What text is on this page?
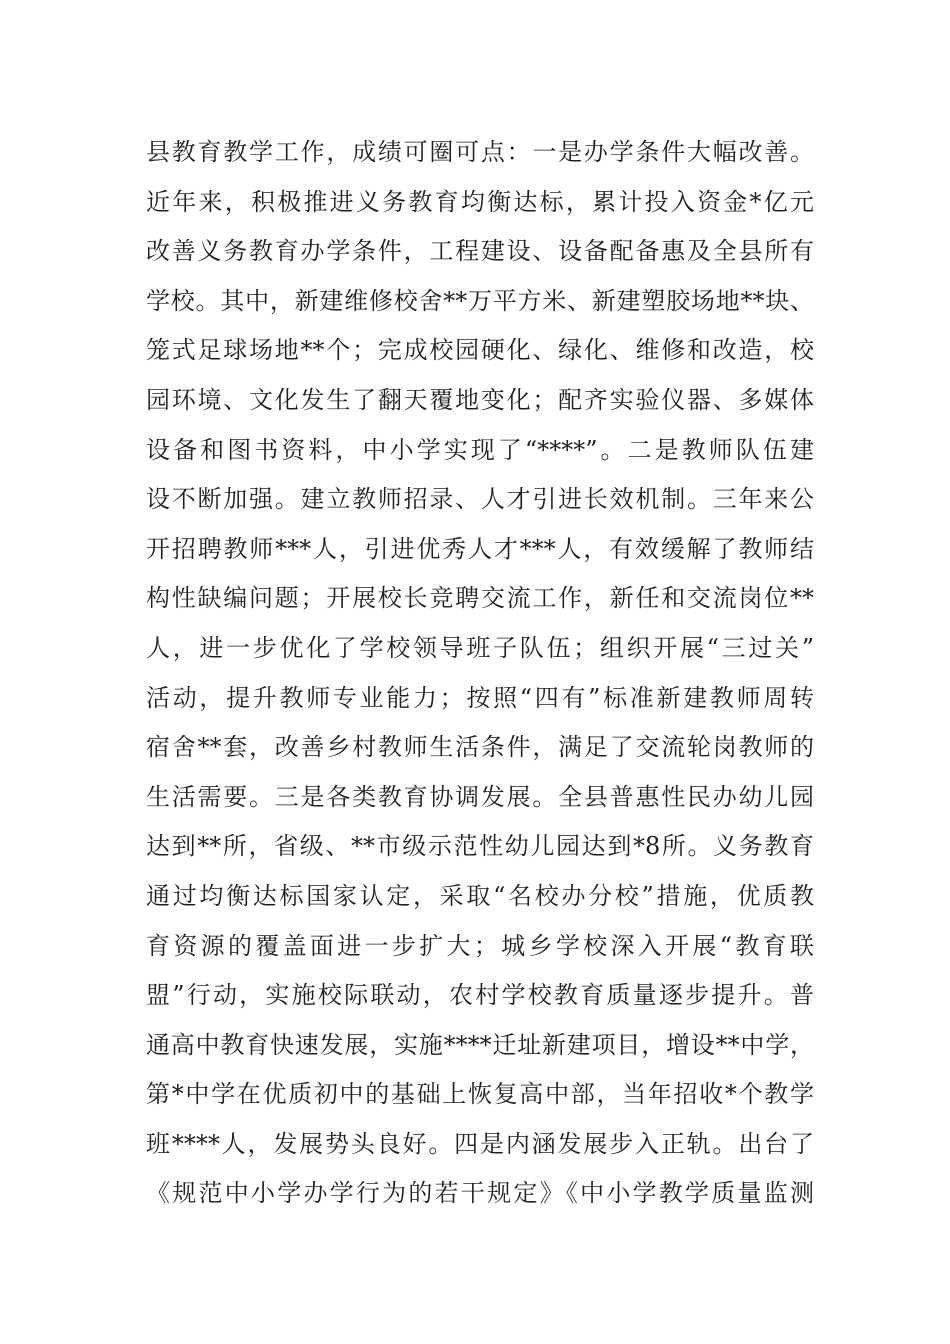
县教育教学工作，成绩可圈可点：一是办学条件大幅改善。
近年来，积极推进义务教育均衡达标，累计投入资金*亿元
改善义务教育办学条件，工程建设、设备配备惠及全县所有
学校。其中，新建维修校舍**万平方米、新建塑胶场地**块、
笼式足球场地**个；完成校园硬化、绿化、维修和改造，校
园环境、文化发生了翻天覆地变化；配齐实验仪器、多媒体
设备和图书资料，中小学实现了“****”。二是教师队伍建
设不断加强。建立教师招录、人才引进长效机制。三年来公
开招聘教师***人，引进优秀人才***人，有效缓解了教师结
构性缺编问题；开展校长竞聘交流工作，新任和交流岗位**
人，进一步优化了学校领导班子队伍；组织开展“三过关”
活动，提升教师专业能力；按照“四有”标准新建教师周转
宿舍**套，改善乡村教师生活条件，满足了交流轮岗教师的
生活需要。三是各类教育协调发展。全县普惠性民办幼儿园
达到**所，省级、**市级示范性幼儿园达到*8所。义务教育
通过均衡达标国家认定，采取“名校办分校”措施，优质教
育资源的覆盖面进一步扩大；城乡学校深入开展“教育联
盟”行动，实施校际联动，农村学校教育质量逐步提升。普
通高中教育快速发展，实施****迁址新建项目，增设**中学，
第*中学在优质初中的基础上恢复高中部，当年招收*个教学
班****人，发展势头良好。四是内涵发展步入正轨。出台了
《规范中小学办学行为的若干规定》《中小学教学质量监测
